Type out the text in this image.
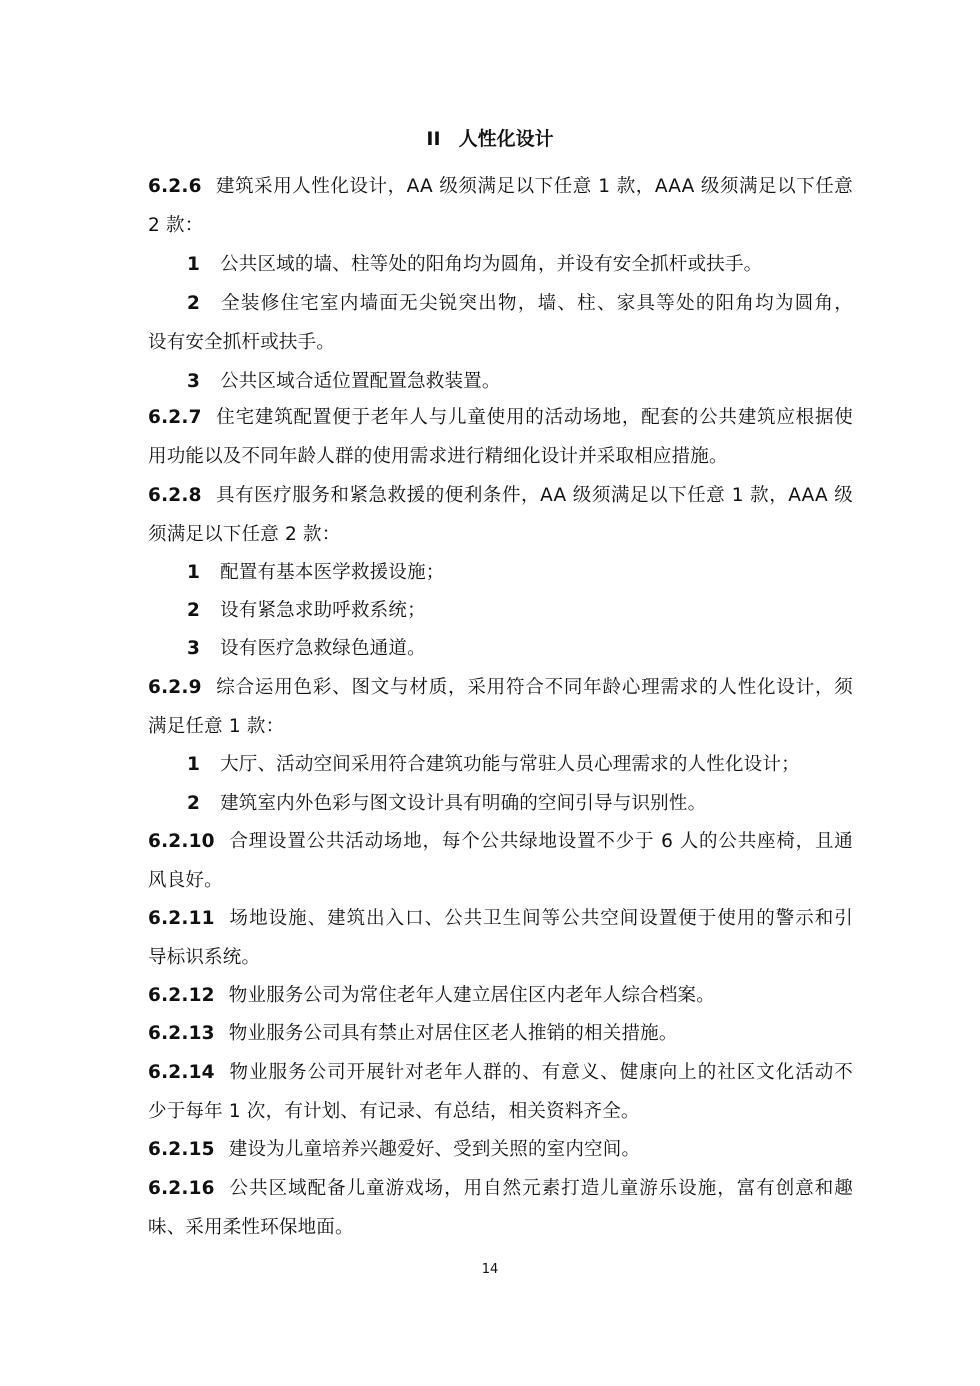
II 人性化设计
6.2.6 建筑采用人性化设计，AA 级须满足以下任意 1 款，AAA 级须满足以下任意
2 款：
1 公共区域的墙、柱等处的阳角均为圆角，并设有安全抓杆或扶手。
2 全装修住宅室内墙面无尖锐突出物，墙、柱、家具等处的阳角均为圆角，
设有安全抓杆或扶手。
3 公共区域合适位置配置急救装置。
6.2.7 住宅建筑配置便于老年人与儿童使用的活动场地，配套的公共建筑应根据使
用功能以及不同年龄人群的使用需求进行精细化设计并采取相应措施。
6.2.8 具有医疗服务和紧急救援的便利条件，AA 级须满足以下任意 1 款，AAA 级
须满足以下任意 2 款：
1 配置有基本医学救援设施；
2 设有紧急求助呼救系统；
3 设有医疗急救绿色通道。
6.2.9 综合运用色彩、图文与材质，采用符合不同年龄心理需求的人性化设计，须
满足任意 1 款：
1 大厅、活动空间采用符合建筑功能与常驻人员心理需求的人性化设计；
2 建筑室内外色彩与图文设计具有明确的空间引导与识别性。
6.2.10 合理设置公共活动场地，每个公共绿地设置不少于 6 人的公共座椅，且通
风良好。
6.2.11 场地设施、建筑出入口、公共卫生间等公共空间设置便于使用的警示和引
导标识系统。
6.2.12 物业服务公司为常住老年人建立居住区内老年人综合档案。
6.2.13 物业服务公司具有禁止对居住区老人推销的相关措施。
6.2.14 物业服务公司开展针对老年人群的、有意义、健康向上的社区文化活动不
少于每年 1 次，有计划、有记录、有总结，相关资料齐全。
6.2.15 建设为儿童培养兴趣爱好、受到关照的室内空间。
6.2.16 公共区域配备儿童游戏场，用自然元素打造儿童游乐设施，富有创意和趣
味、采用柔性环保地面。
14
